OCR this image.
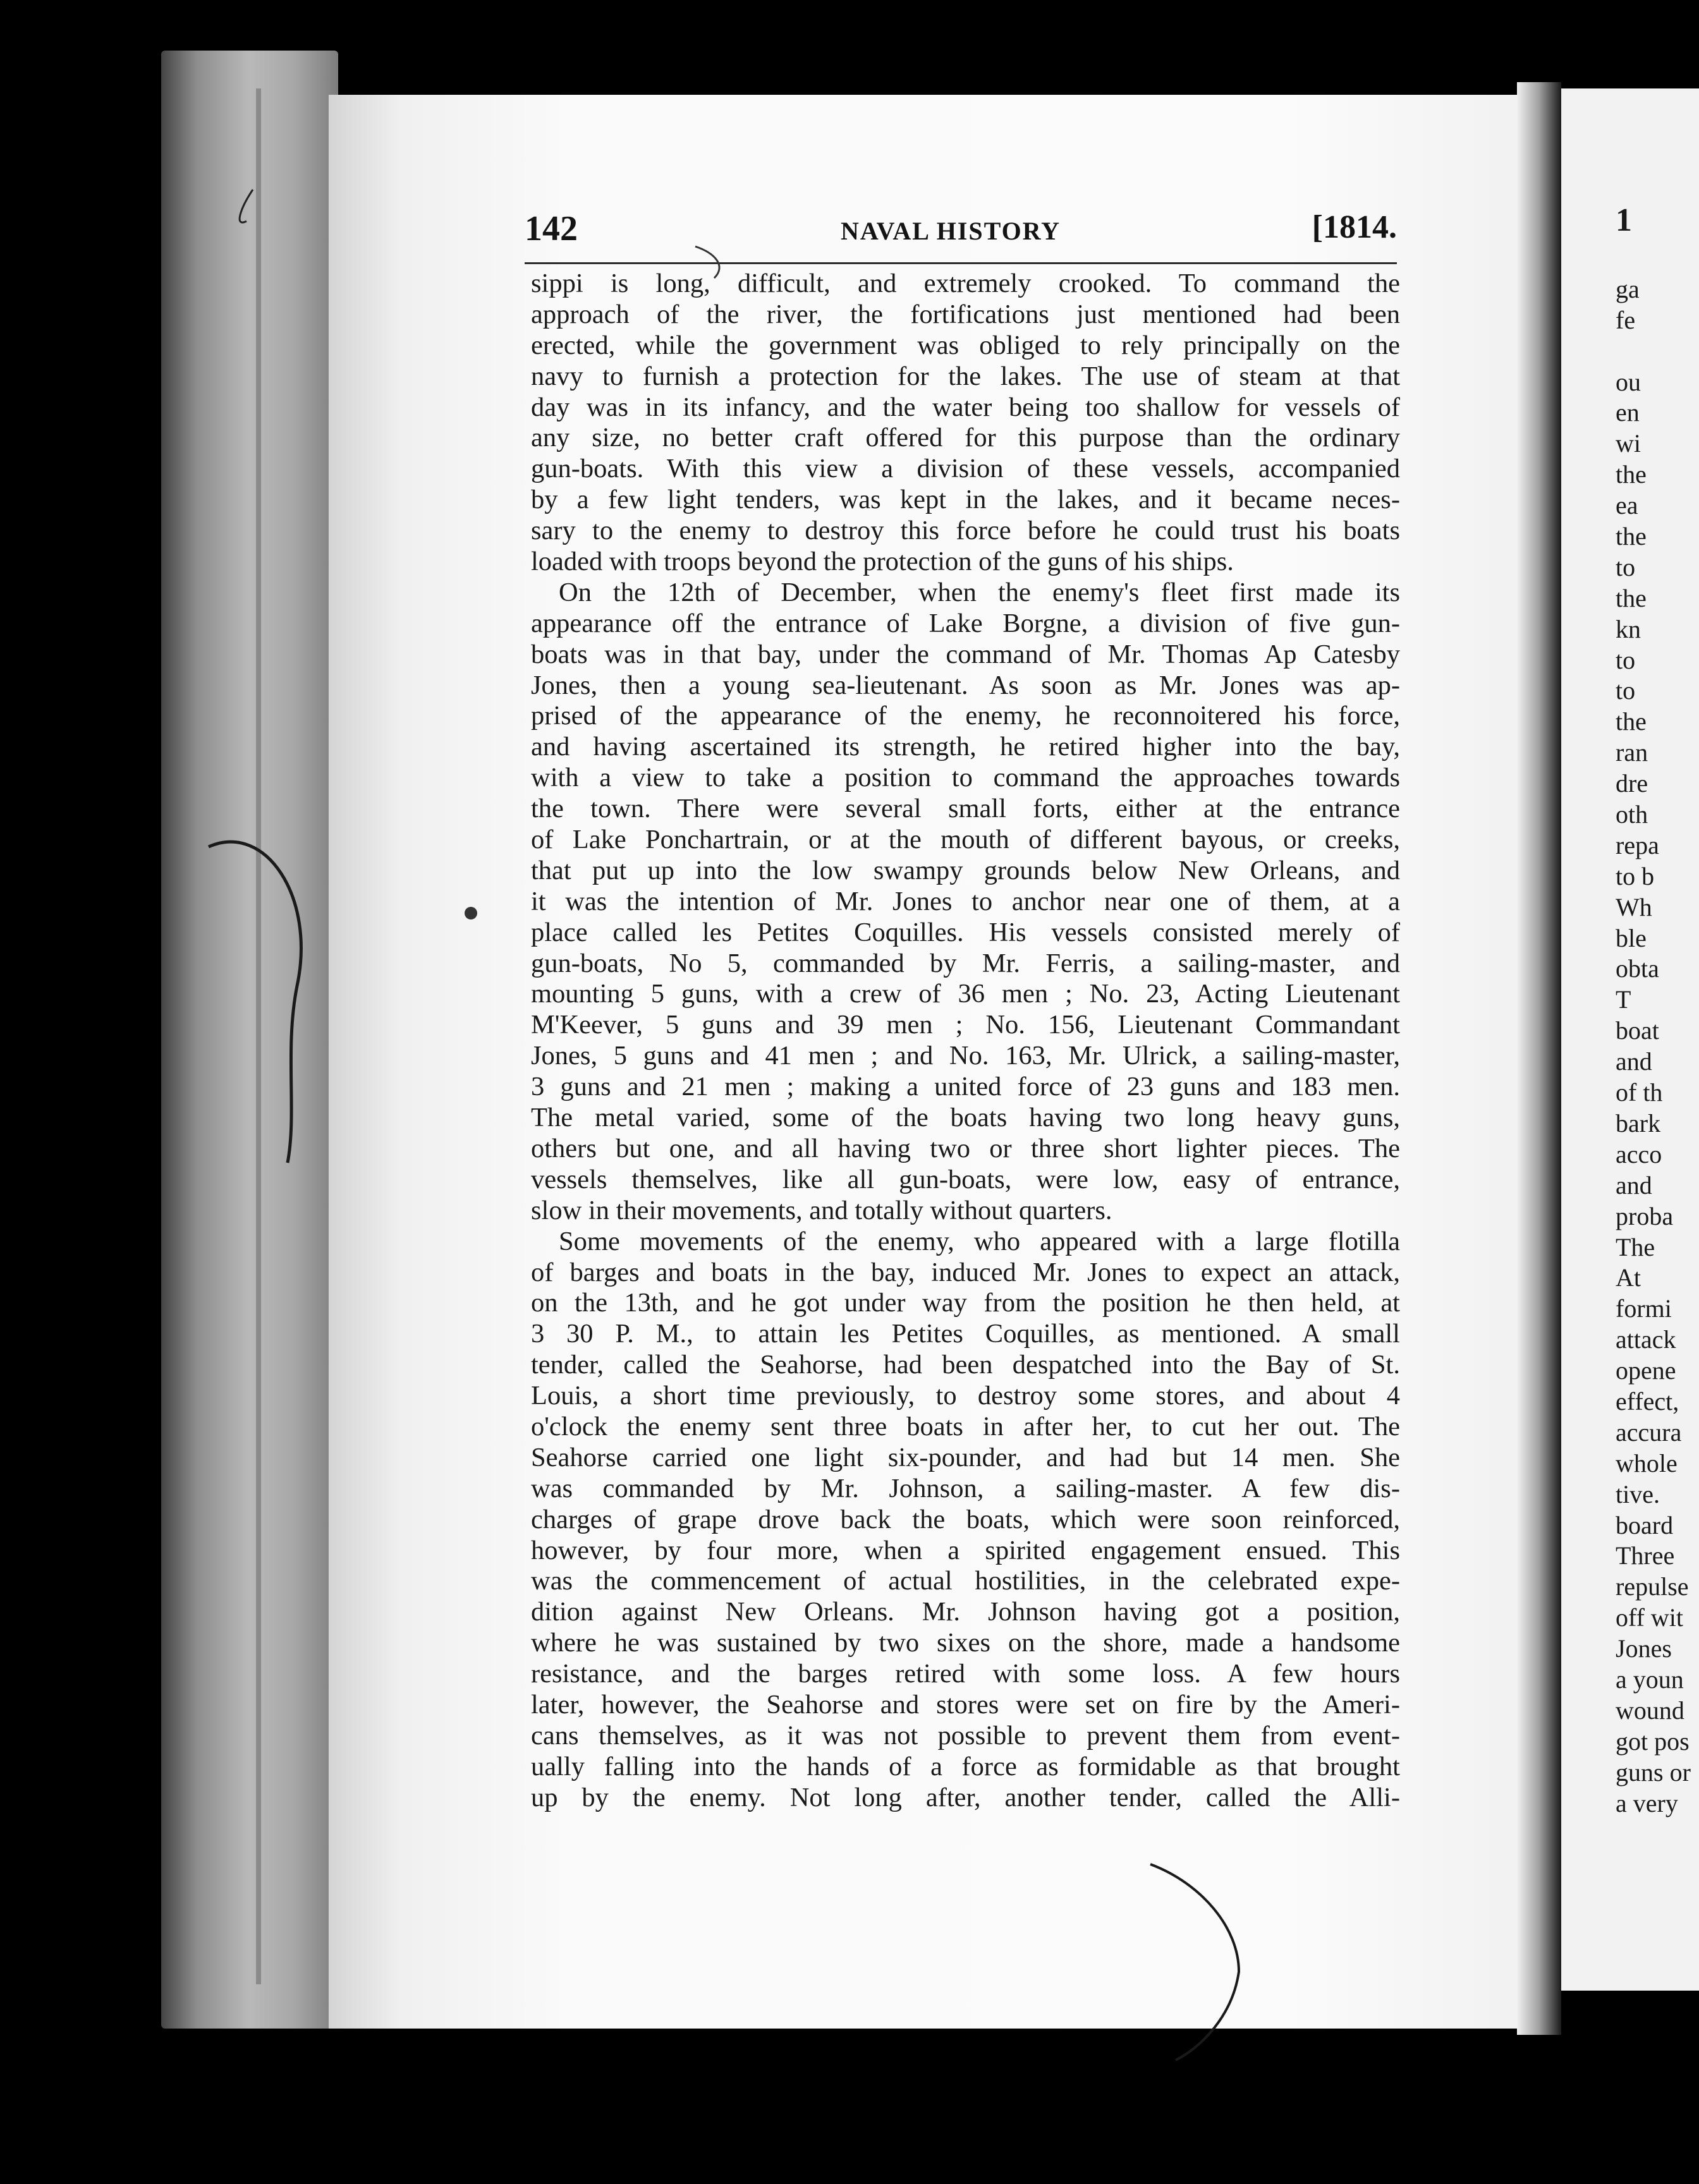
142	NAVAL HISTORY	[1814.
sippi is long, difficult, and extremely crooked. To command the
approach of the river, the fortifications just mentioned had been
erected, while the government was obliged to rely principally on the
navy to furnish a protection for the lakes. The use of steam at that
day was in its infancy, and the water being too shallow for vessels of
any size, no better craft offered for this purpose than the ordinary
gun-boats. With this view a division of these vessels, accompanied
by a few light tenders, was kept in the lakes, and it became neces-
sary to the enemy to destroy this force before he could trust his boats
loaded with troops beyond the protection of the guns of his ships.
On the 12th of December, when the enemy's fleet first made its
appearance off the entrance of Lake Borgne, a division of five gun-
boats was in that bay, under the command of Mr. Thomas Ap Catesby
Jones, then a young sea-lieutenant. As soon as Mr. Jones was ap-
prised of the appearance of the enemy, he reconnoitered his force,
and having ascertained its strength, he retired higher into the bay,
with a view to take a position to command the approaches towards
the town. There were several small forts, either at the entrance
of Lake Ponchartrain, or at the mouth of different bayous, or creeks,
that put up into the low swampy grounds below New Orleans, and
it was the intention of Mr. Jones to anchor near one of them, at a
place called les Petites Coquilles. His vessels consisted merely of
gun-boats, No 5, commanded by Mr. Ferris, a sailing-master, and
mounting 5 guns, with a crew of 36 men ; No. 23, Acting Lieutenant
M'Keever, 5 guns and 39 men ; No. 156, Lieutenant Commandant
Jones, 5 guns and 41 men ; and No. 163, Mr. Ulrick, a sailing-master,
3 guns and 21 men ; making a united force of 23 guns and 183 men.
The metal varied, some of the boats having two long heavy guns,
others but one, and all having two or three short lighter pieces. The
vessels themselves, like all gun-boats, were low, easy of entrance,
slow in their movements, and totally without quarters.
Some movements of the enemy, who appeared with a large flotilla
of barges and boats in the bay, induced Mr. Jones to expect an attack,
on the 13th, and he got under way from the position he then held, at
3 30 P. M., to attain les Petites Coquilles, as mentioned. A small
tender, called the Seahorse, had been despatched into the Bay of St.
Louis, a short time previously, to destroy some stores, and about 4
o'clock the enemy sent three boats in after her, to cut her out. The
Seahorse carried one light six-pounder, and had but 14 men. She
was commanded by Mr. Johnson, a sailing-master. A few dis-
charges of grape drove back the boats, which were soon reinforced,
however, by four more, when a spirited engagement ensued. This
was the commencement of actual hostilities, in the celebrated expe-
dition against New Orleans. Mr. Johnson having got a position,
where he was sustained by two sixes on the shore, made a handsome
resistance, and the barges retired with some loss. A few hours
later, however, the Seahorse and stores were set on fire by the Ameri-
cans themselves, as it was not possible to prevent them from event-
ually falling into the hands of a force as formidable as that brought
up by the enemy. Not long after, another tender, called the Alli-
1
ga
fe
ou
en
wi
the
ea
the
to
the
kn
to
to
the
ran
dre
oth
repa
to b
Wh
ble
obta
T
boat
and
of th
bark
acco
and
proba
The
At
formi
attack
opene
effect,
accura
whole
tive.
board
Three
repulse
off wit
Jones
a youn
wound
got pos
guns or
a very
